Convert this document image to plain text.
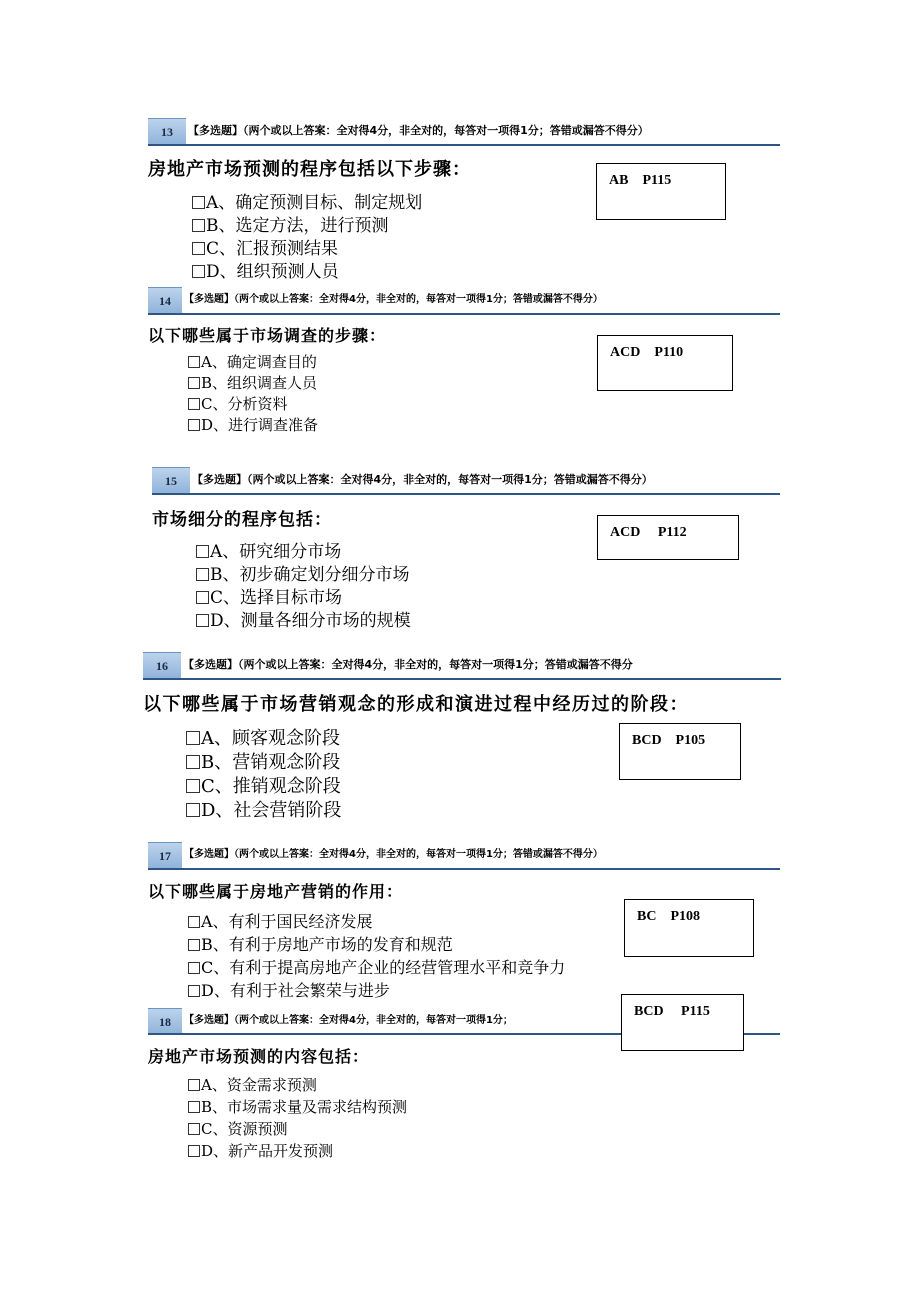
13	【多选题】（两个或以上答案：全对得4分，非全对的，每答对一项得1分；答错或漏答不得分）
房地产市场预测的程序包括以下步骤：
A、确定预测目标、制定规划
B、选定方法，进行预测
C、汇报预测结果
D、组织预测人员
AB    P115
14	【多选题】（两个或以上答案：全对得4分，非全对的，每答对一项得1分；答错或漏答不得分）
以下哪些属于市场调查的步骤：
A、确定调查目的
B、组织调查人员
C、分析资料
D、进行调查准备
ACD    P110
15	【多选题】（两个或以上答案：全对得4分，非全对的，每答对一项得1分；答错或漏答不得分）
市场细分的程序包括：
A、研究细分市场
B、初步确定划分细分市场
C、选择目标市场
D、测量各细分市场的规模
ACD     P112
16	【多选题】（两个或以上答案：全对得4分，非全对的，每答对一项得1分；答错或漏答不得分
以下哪些属于市场营销观念的形成和演进过程中经历过的阶段：
A、顾客观念阶段
B、营销观念阶段
C、推销观念阶段
D、社会营销阶段
BCD    P105
17	【多选题】（两个或以上答案：全对得4分，非全对的，每答对一项得1分；答错或漏答不得分）
以下哪些属于房地产营销的作用：
A、有利于国民经济发展
B、有利于房地产市场的发育和规范
C、有利于提高房地产企业的经营管理水平和竞争力
D、有利于社会繁荣与进步
BC    P108
18	【多选题】（两个或以上答案：全对得4分，非全对的，每答对一项得1分；
房地产市场预测的内容包括：
A、资金需求预测
B、市场需求量及需求结构预测
C、资源预测
D、新产品开发预测
BCD     P115
